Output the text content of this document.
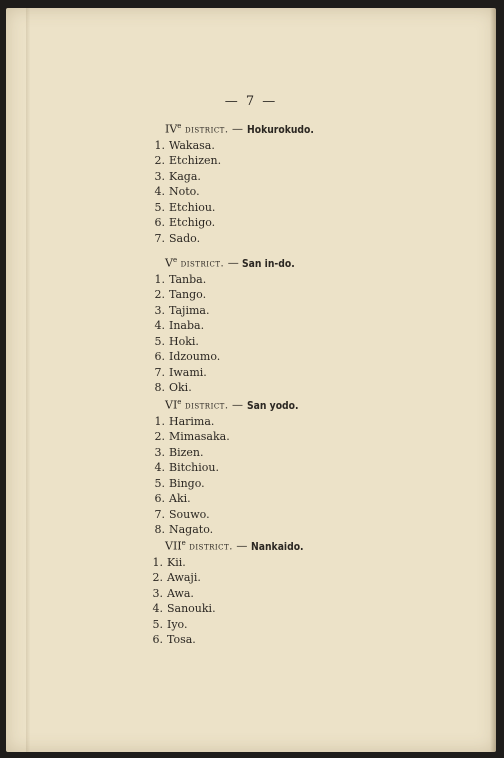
— 7 —
IVe district. — Hokurokudo.
1. Wakasa.
2. Etchizen.
3. Kaga.
4. Noto.
5. Etchiou.
6. Etchigo.
7. Sado.
Ve district. — San in-do.
1. Tanba.
2. Tango.
3. Tajima.
4. Inaba.
5. Hoki.
6. Idzoumo.
7. Iwami.
8. Oki.
VIe district. — San yodo.
1. Harima.
2. Mimasaka.
3. Bizen.
4. Bitchiou.
5. Bingo.
6. Aki.
7. Souwo.
8. Nagato.
VIIe district. — Nankaido.
1. Kii.
2. Awaji.
3. Awa.
4. Sanouki.
5. Iyo.
6. Tosa.
